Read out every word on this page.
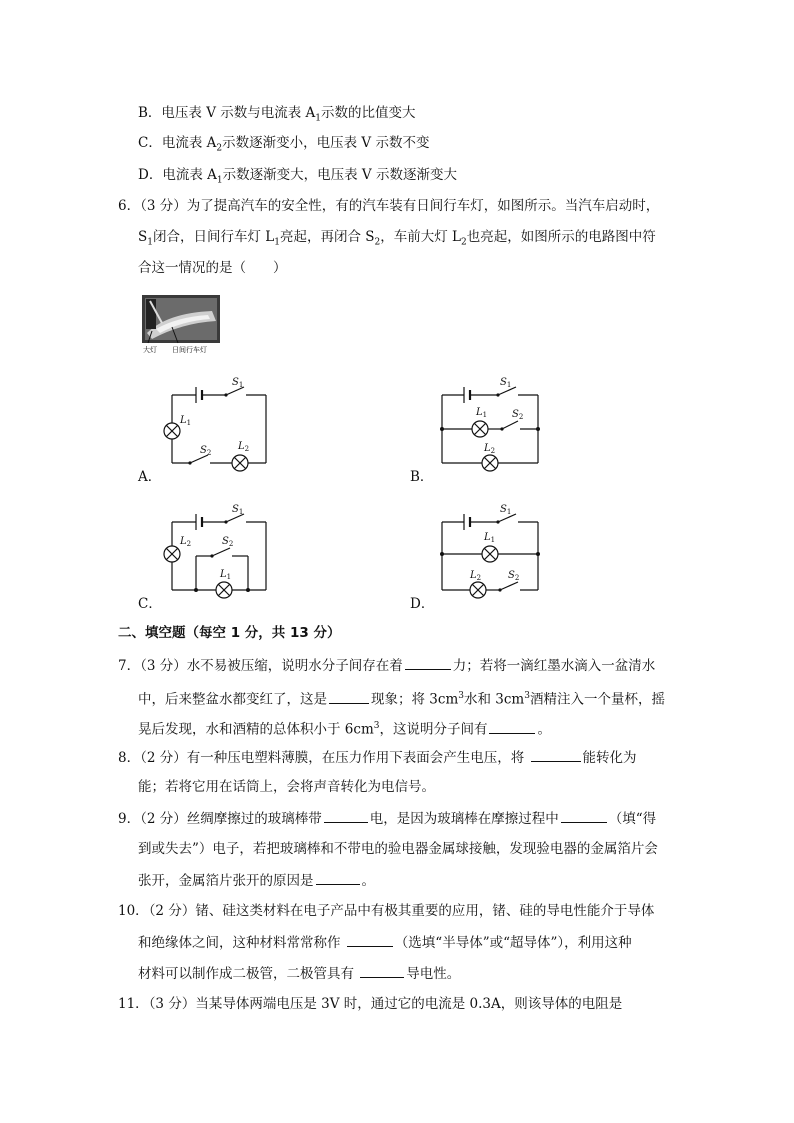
B．电压表 V 示数与电流表 $A_1$示数的比值变大
C．电流表 $A_2$示数逐渐变小，电压表 V 示数不变
D．电流表 $A_1$示数逐渐变大，电压表 V 示数逐渐变大
6．（3 分）为了提高汽车的安全性，有的汽车装有日间行车灯，如图所示。当汽车启动时，
$S_1$闭合，日间行车灯 $L_1$亮起，再闭合 $S_2$，车前大灯 $L_2$也亮起，如图所示的电路图中符
合这一情况的是（　　）
大灯 日间行车灯
$S_1$
$L_1$
$S_2$
$L_2$
A．
$S_1$
$L_1$ $S_2$
$L_2$
B．
$S_1$
$L_2$	$S_2$
$L_1$
C．
$S_1$
$L_1$
$L_2$	$S_2$
D．
二、填空题（每空 1 分，共 13 分）
7．（3 分）水不易被压缩，说明水分子间存在着	力；若将一滴红墨水滴入一盆清水
中，后来整盆水都变红了，这是	现象；将 $3cm^3$水和 $3cm^3$酒精注入一个量杯，摇
晃后发现，水和酒精的总体积小于 $6cm^3$，这说明分子间有	。
8．（2 分）有一种压电塑料薄膜，在压力作用下表面会产生电压，将	能转化为
能；若将它用在话筒上，会将声音转化为电信号。
9．（2 分）丝绸摩擦过的玻璃棒带	电，是因为玻璃棒在摩擦过程中	（填“得
到或失去”）电子，若把玻璃棒和不带电的验电器金属球接触，发现验电器的金属箔片会
张开，金属箔片张开的原因是	。
10．（2 分）锗、硅这类材料在电子产品中有极其重要的应用，锗、硅的导电性能介于导体
和绝缘体之间，这种材料常常称作	（选填“半导体”或“超导体”），利用这种
材料可以制作成二极管，二极管具有	导电性。
11．（3 分）当某导体两端电压是 3V 时，通过它的电流是 0.3A，则该导体的电阻是
